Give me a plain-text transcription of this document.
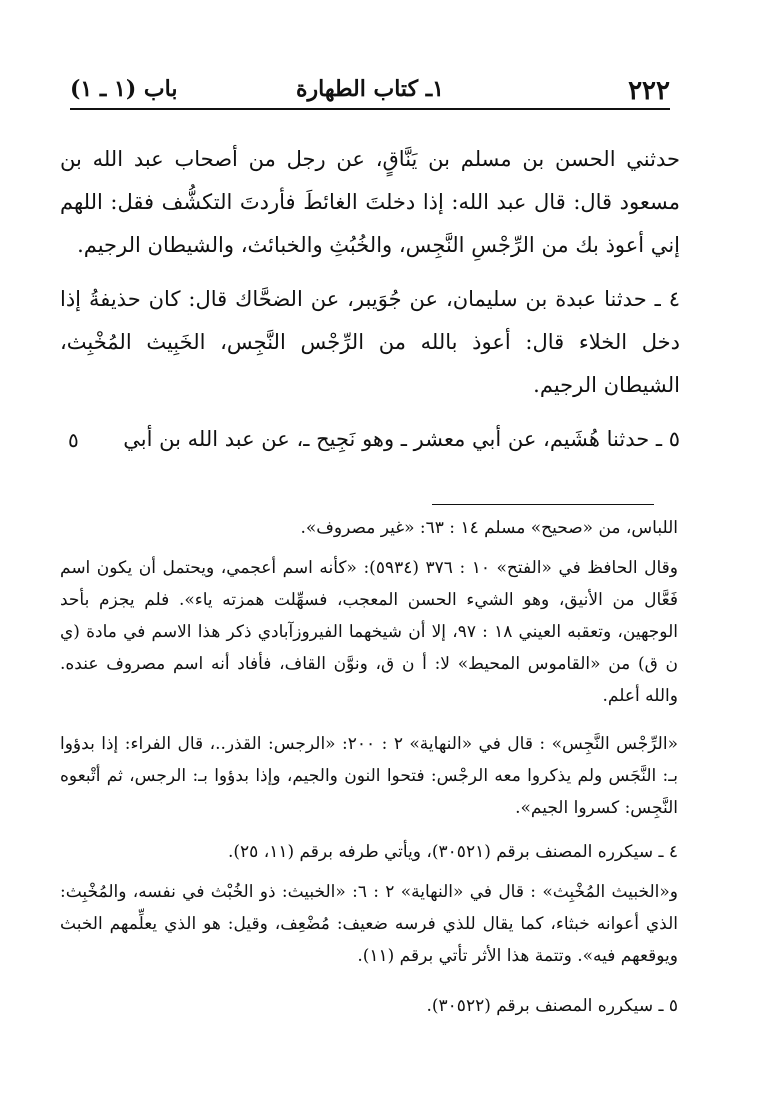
٢٢٢
١ـ كتاب الطهارة
باب (١ ـ ١)
حدثني الحسن بن مسلم بن يَنَّاقٍ، عن رجل من أصحاب عبد الله بن مسعود قال: قال عبد الله: إذا دخلتَ الغائطَ فأردتَ التكشُّف فقل: اللهم إني أعوذ بك من الرِّجْسِ النَّجِس، والخُبُثِ والخبائث، والشيطان الرجيم.
٤ ـ حدثنا عبدة بن سليمان، عن جُوَيبر، عن الضحَّاك قال: كان حذيفةُ إذا دخل الخلاء قال: أعوذ بالله من الرِّجْس النَّجِس، الخَبِيث المُخْبِث، الشيطان الرجيم.
٥ ـ حدثنا هُشَيم، عن أبي معشر ـ وهو نَجِيح ـ، عن عبد الله بن أبي
٥
اللباس، من «صحيح» مسلم ١٤ : ٦٣: «غير مصروف».
وقال الحافظ في «الفتح» ١٠ : ٣٧٦ (٥٩٣٤): «كأنه اسم أعجمي، ويحتمل أن يكون اسم فَعَّال من الأنيق، وهو الشيء الحسن المعجب، فسهِّلت همزته ياء». فلم يجزم بأحد الوجهين، وتعقبه العيني ١٨ : ٩٧، إلا أن شيخهما الفيروزآبادي ذكر هذا الاسم في مادة (ي ن ق) من «القاموس المحيط» لا: أ ن ق، ونوَّن القاف، فأفاد أنه اسم مصروف عنده. والله أعلم.
«الرِّجْس النَّجِس» : قال في «النهاية» ٢ : ٢٠٠: «الرجس: القذر..، قال الفراء: إذا بدؤوا بـ: النَّجَس ولم يذكروا معه الرجْس: فتحوا النون والجيم، وإذا بدؤوا بـ: الرجس، ثم أتْبعوه النَّجِس: كسروا الجيم».
٤ ـ سيكرره المصنف برقم (٣٠٥٢١)، ويأتي طرفه برقم (١١، ٢٥).
و«الخبيث المُخْبِث» : قال في «النهاية» ٢ : ٦: «الخبيث: ذو الخُبْث في نفسه، والمُخْبِث: الذي أعوانه خبثاء، كما يقال للذي فرسه ضعيف: مُضْعِف، وقيل: هو الذي يعلِّمهم الخبث ويوقعهم فيه». وتتمة هذا الأثر تأتي برقم (١١).
٥ ـ سيكرره المصنف برقم (٣٠٥٢٢).
